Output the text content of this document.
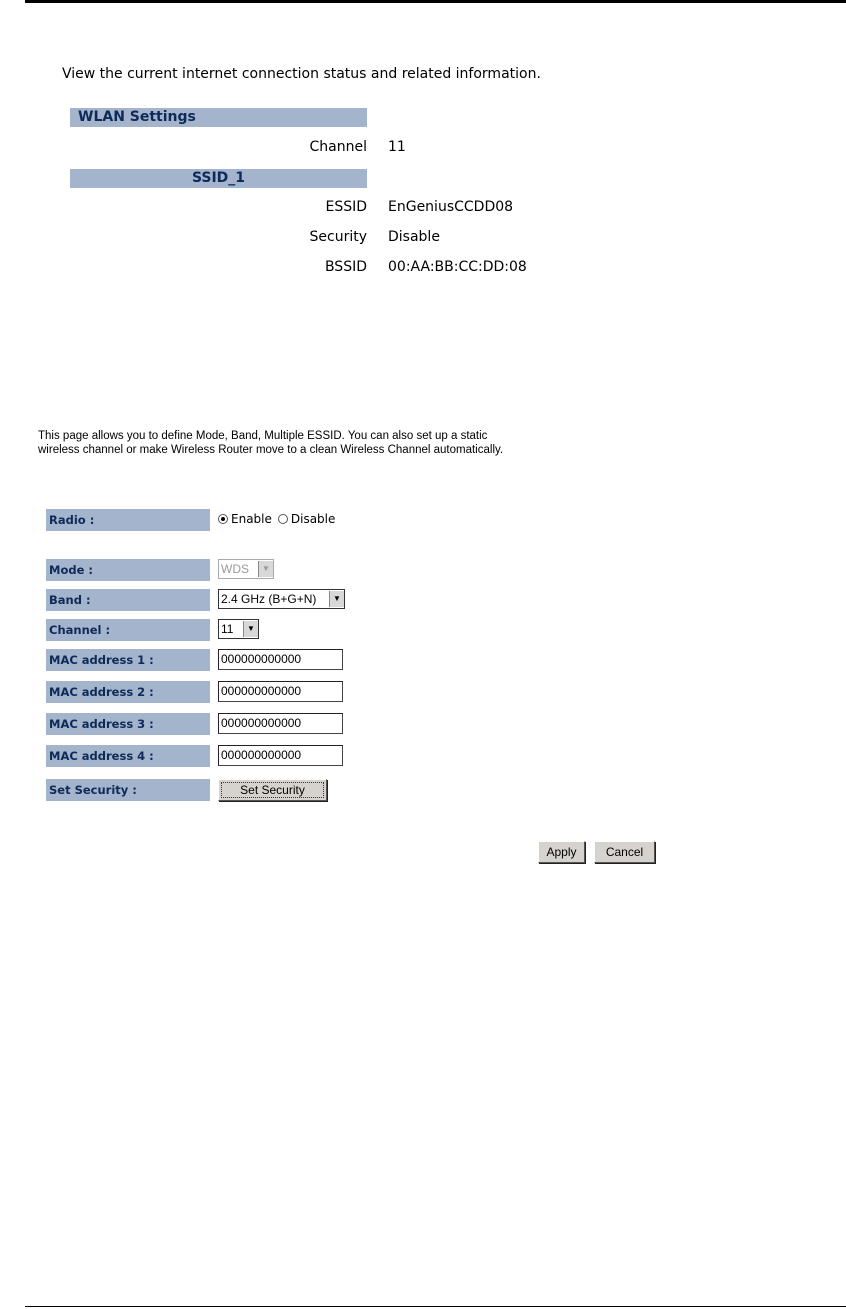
View the current internet connection status and related information.
WLAN Settings
Channel 11
SSID_1
ESSID EnGeniusCCDD08
Security Disable
BSSID 00:AA:BB:CC:DD:08
This page allows you to define Mode, Band, Multiple ESSID. You can also set up a static
wireless channel or make Wireless Router move to a clean Wireless Channel automatically.
Radio :	Enable Disable
Mode :	WDS	▼
Band :	2.4 GHz (B+G+N)	▼
Channel :	11	▼
MAC address 1 :	000000000000
MAC address 2 :	000000000000
MAC address 3 :	000000000000
MAC address 4 :	000000000000
Set Security :	Set Security
Apply	Cancel
